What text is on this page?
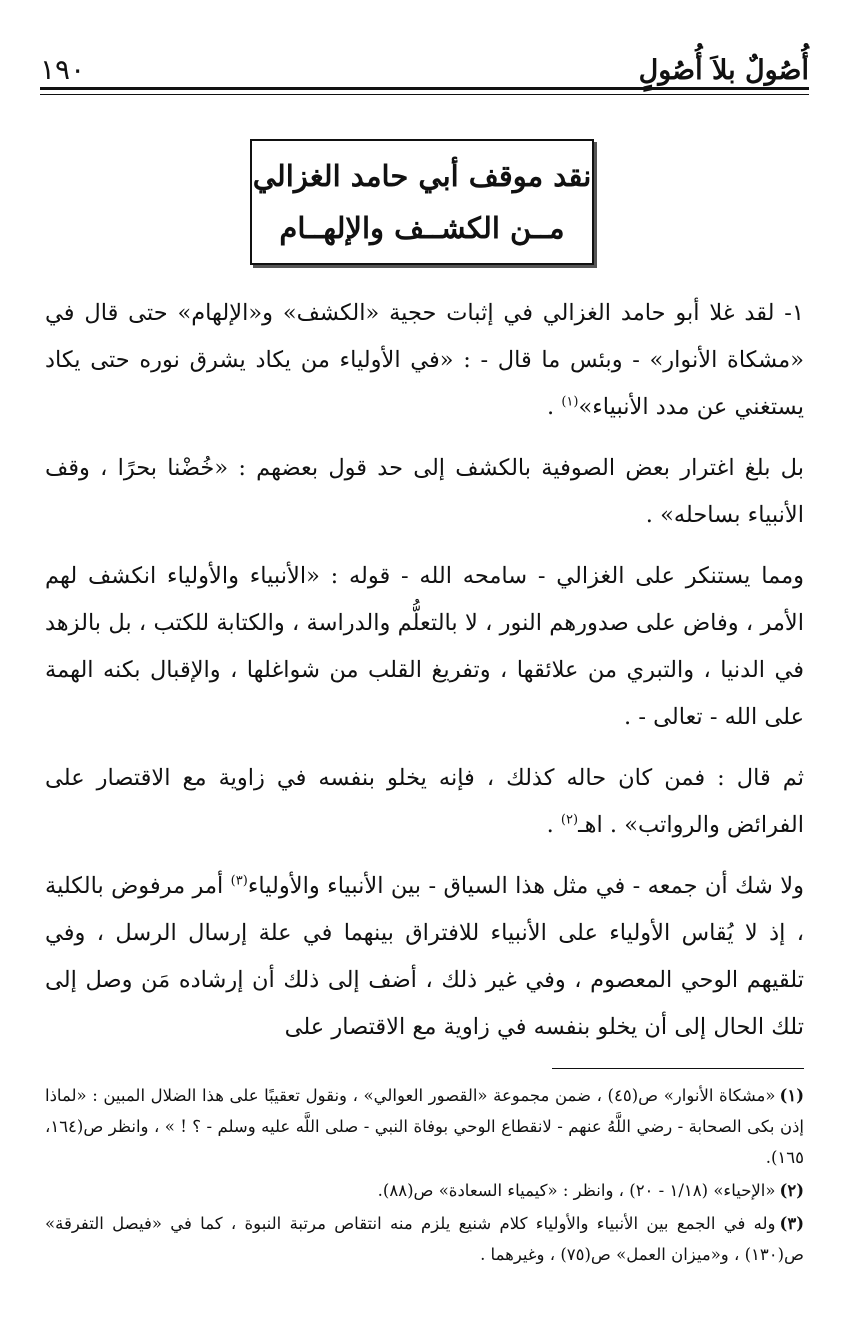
أُصُولٌ بلاَ أُصُولٍ
١٩٠
نقد موقف أبي حامد الغزالي
مــن الكشــف والإلهــام

١- لقد غلا أبو حامد الغزالي في إثبات حجية «الكشف» و«الإلهام» حتى قال في «مشكاة الأنوار» - وبئس ما قال - : «في الأولياء من يكاد يشرق نوره حتى يكاد يستغني عن مدد الأنبياء»$^{(١)}$ .

بل بلغ اغترار بعض الصوفية بالكشف إلى حد قول بعضهم : «خُضْنا بحرًا ، وقف الأنبياء بساحله» .

ومما يستنكر على الغزالي - سامحه الله - قوله : «الأنبياء والأولياء انكشف لهم الأمر ، وفاض على صدورهم النور ، لا بالتعلُّم والدراسة ، والكتابة للكتب ، بل بالزهد في الدنيا ، والتبري من علائقها ، وتفريغ القلب من شواغلها ، والإقبال بكنه الهمة على الله - تعالى - .

ثم قال : فمن كان حاله كذلك ، فإنه يخلو بنفسه في زاوية مع الاقتصار على الفرائض والرواتب» . اهـ$^{(٢)}$ .

ولا شك أن جمعه - في مثل هذا السياق - بين الأنبياء والأولياء$^{(٣)}$ أمر مرفوض بالكلية ، إذ لا يُقاس الأولياء على الأنبياء للافتراق بينهما في علة إرسال الرسل ، وفي تلقيهم الوحي المعصوم ، وفي غير ذلك ، أضف إلى ذلك أن إرشاده مَن وصل إلى تلك الحال إلى أن يخلو بنفسه في زاوية مع الاقتصار على

(١)«مشكاة الأنوار» ص(٤٥) ، ضمن مجموعة «القصور العوالي» ، ونقول تعقيبًا على هذا الضلال المبين : «لماذا إذن بكى الصحابة - رضي اللَّهُ عنهم - لانقطاع الوحي بوفاة النبي - صلى اللَّه عليه وسلم - ؟ ! » ، وانظر ص(١٦٤، ١٦٥).

(٢)«الإحياء» (١/١٨ - ٢٠) ، وانظر : «كيمياء السعادة» ص(٨٨).

(٣)وله في الجمع بين الأنبياء والأولياء كلام شنيع يلزم منه انتقاص مرتبة النبوة ، كما في «فيصل التفرقة» ص(١٣٠) ، و«ميزان العمل» ص(٧٥) ، وغيرهما .
